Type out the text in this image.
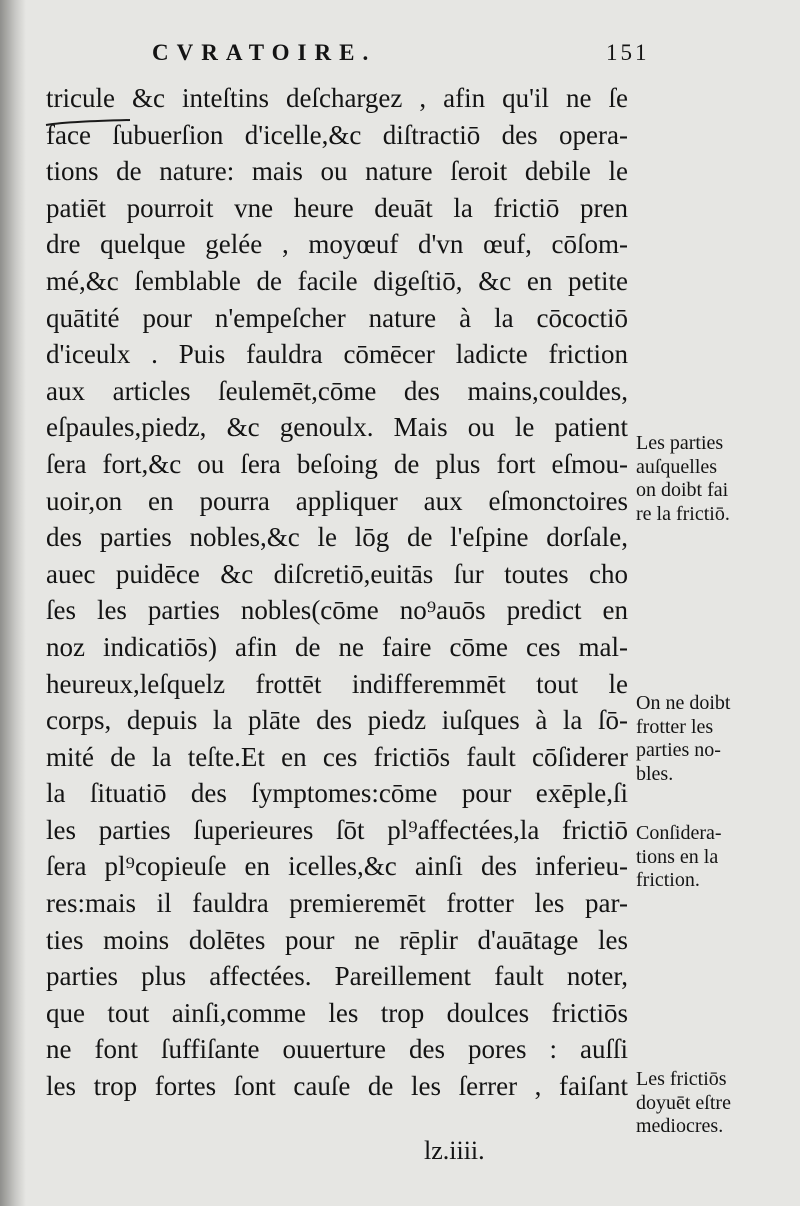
CVRATOIRE.	151
tricule &c inteſtins deſchargez , afin qu'il ne ſe
face ſubuerſion d'icelle,&c diſtractiō des opera-
tions de nature: mais ou nature ſeroit debile le
patiēt pourroit vne heure deuāt la frictiō pren
dre quelque gelée , moyœuf d'vn œuf, cōſom-
mé,&c ſemblable de facile digeſtiō, &c en petite
quātité pour n'empeſcher nature à la cōcoctiō
d'iceulx . Puis fauldra cōmēcer ladicte friction
aux articles ſeulemēt,cōme des mains,couldes,
eſpaules,piedz, &c genoulx. Mais ou le patient
ſera fort,&c ou ſera beſoing de plus fort eſmou-
uoir,on en pourra appliquer aux eſmonctoires
des parties nobles,&c le lōg de l'eſpine dorſale,
auec puidēce &c diſcretiō,euitās ſur toutes cho
ſes les parties nobles(cōme no⁹auōs predict en
noz indicatiōs) afin de ne faire cōme ces mal-
heureux,leſquelz frottēt indifferemmēt tout le
corps, depuis la plāte des piedz iuſques à la ſō-
mité de la teſte.Et en ces frictiōs fault cōſiderer
la ſituatiō des ſymptomes:cōme pour exēple,ſi
les parties ſuperieures ſōt pl⁹affectées,la frictiō
ſera pl⁹copieuſe en icelles,&c ainſi des inferieu-
res:mais il fauldra premieremēt frotter les par-
ties moins dolētes pour ne rēplir d'auātage les
parties plus affectées. Pareillement fault noter,
que tout ainſi,comme les trop doulces frictiōs
ne font ſuffiſante ouuerture des pores : auſſi
les trop fortes ſont cauſe de les ſerrer , faiſant
Les parties
auſquelles
on doibt fai
re la frictiō.
On ne doibt
frotter les
parties no-
bles.
Conſidera-
tions en la
friction.
Les frictiōs
doyuēt eſtre
mediocres.
lz.iiii.
